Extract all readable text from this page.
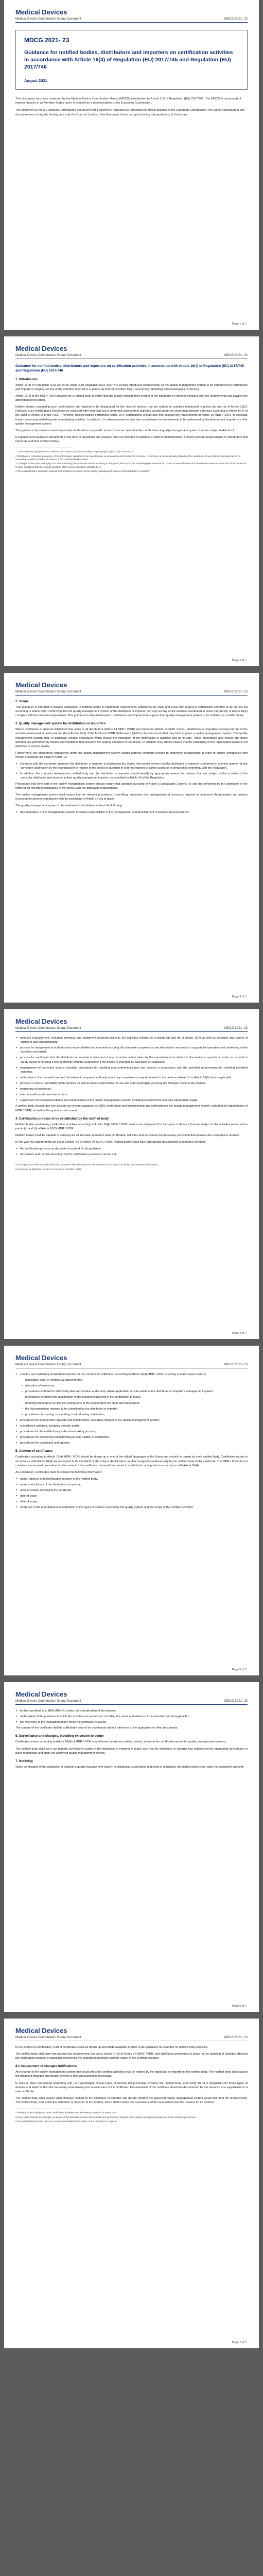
Medical Devices
Medical Device Coordination Group Document	MDCG 2021- 23
MDCG 2021- 23
Guidance for notified bodies, distributors and importers on certification activities in accordance with Article 16(4) of Regulation (EU) 2017/745 and Regulation (EU) 2017/746
August 2021

This document has been endorsed by the Medical Device Coordination Group (MDCG) established by Article 103 of Regulation (EU) 2017/745. The MDCG is composed of representatives of all Member States and it is chaired by a representative of the European Commission.

The document is not a European Commission document and it cannot be regarded as reflecting the official position of the European Commission. Any views expressed in this document are not legally binding and only the Court of Justice of the European Union can give binding interpretations of Union law.

Page 1 of 7
Medical Devices
Medical Device Coordination Group Document	MDCG 2021- 23
Guidance for notified bodies, distributors and importers on certification activities in accordance with Article 16(4) of Regulation (EU) 2017/745 and Regulation (EU) 2017/746
1. Introduction

Article 16(3) of Regulation (EU) 2017/745 (MDR) and Regulation (EU) 2017/746 (IVDR) introduces requirements on the quality management system to be established by distributors and importers carrying out any of the activities referred to in points (a) and (b) of Article 16(2), concerning relabelling and repackaging of devices.

Article 16(4) of the MDR / IVDR provides for a notified body to certify that the quality management system of the distributor or importer complies with the requirements laid down in the abovementioned article.

Notified bodies conducting such certifications are required to be designated for the class of devices that are subject to activities mentioned in points (a) and (b) of Article 16(2). However, such certifications should not be confused with those laid out in conformity assessment activities carried out for an entire manufacturer's devices according to Annex IX/XI of the MDR or Annex IX of the IVDR. Therefore, notified bodies performing Article 16(4) certifications should take into account the requirements of Article 16 MDR / IVDR, in particular those concerning relabelling and repackaging activities. In addition, it is also important to give due consideration to the elements to be addressed by distributors and importers in their quality management system.

This guidance document is meant to provide clarifications on specific areas of concern related to the certification of quality management system that are subject to Article 16.

It explains MDR guidance documents in the form of 'questions and answers' that are intended to facilitate a uniform implementation of these relevant requirements by distributors and importers and their notified bodies.

1 'Other relevant legal provisions' referred to in Article 16(1) do not subject to paragraphs (3) and (4) of Article 16.

2 'Distributors', including translation, of the information supplied by the manufacturer in accordance with Section 23 of Annex I, referring to a device already placed on the market and of any further information which is necessary in order to market the device in the relevant Member State.

3 'Changes to the outer packaging of a device already placed on the market, including a change of pack size, if the repackaging is necessary in order to market the device in the relevant Member State and if it is carried out in such conditions that the original condition of the device cannot be affected by it.'

4 The notified body's conformity assessment activities are limited to the quality management system of the distributor or importer.

Page 2 of 7
Medical Devices
Medical Device Coordination Group Document	MDCG 2021- 23
2. Scope

This guidance is intended to provide assistance to notified bodies to implement requirements established by MDR and IVDR with regard to certification activities to be carried out according to Article 16(4) confirming that the quality management system of the distributor or importer carrying out any of the activities mentioned in points (a) and (b) of Article 16(2) complies with the relevant requirements. This guidance is also addressed to distributors and importers to support their quality management system to be certified by a notified body.

3. Quality management system for distributors or importers

Where distributors or general obligations that apply to all distributors (Article 14 MDR / IVDR) and importers (Article 13 MDR / IVDR), distributors or importers carrying out one of the activities mentioned in points (a) and (b) of Article 16(2) of the MDR and IVDR shall have a QMS in place to ensure that they have in place a quality management system. This quality management system shall, in particular, include procedures which ensure the translation of the information is accurate and up to date. These procedures also ensure that those activities are performed by means and conditions that preserve the original condition of the device. In addition, they should ensure that the packaging of the repackaged device is not defective or of poor quality.

Furthermore, the procedures established under the quality management system should address elements needed to implement relationships in order to ensure compliance with certain provisions laid down in Article 16:

● Connects with the economic operators the distributor or importer is purchasing the device from would ensure that the distributor or importer is informed in a timely manner of any correction undertaken by the manufacturer in relation to the device in question in order to respond to safety issues or to bring it into conformity with the Regulation.

● In addition, the contracts between the notified body and the distributor or importer should identify by appropriate means the devices that are subject to the activities of the particular distributor and importer in their quality management system, as specified in Article 16 of the Regulation.

Procedures that form part of the quality management system should ensure that activities pursuing to Article 16 paragraph 2 points (a) and (b) performed by the distributor or the importer do not affect compliance of the device with the applicable requirements.

The quality management system shall ensure that the relevant procedures, controlling, processes and management of resources required to implement the principles and actions necessary to achieve compliance with the provisions of Article 16 are in place.

The quality management system to be evaluated shall address at least the following:

● documentation of the management system, including responsibility of the management, and development of policies and procedures;

Page 3 of 7
Medical Devices
Medical Device Coordination Group Document	MDCG 2021- 23

● resource management, including premises and equipment (systems not only are activities referred to in points (a) and (b) of Article 16(2) as well as selection and control of suppliers and subcontractors;

● process for assignment of authority and responsibilities to personnel ensuring the adequate competence and information necessary to support the operation and monitoring of the activities concerned;

● process for verification that the distributor or importer is informed of any corrective action taken by the manufacturer in relation to the device in question in order to respond to safety issues or to bring it into conformity with the Regulation; if the device is changed, re-packaged or relabelled;

● management of corrective actions including procedures for handling non-conforming items and records in accordance with the specified requirements for handling identified incidents;

● notification to the manufacturer and the relevant competent authority about any complaints or reports related to the devices referred to in Article 16(2) when applicable;

● process to ensure traceability of the devices as well as labels, instructions for use and outer packaging ensuring the changes made to the devices;

● monitoring of processes;

● internal audits and corrective actions;

● supervision of the implementation and maintenance of the quality management system, including relevant tools and their appropriate usage.

A notified body should take into account all relevant guidance on QMS certification and implementing and administering the quality management system, including all requirements of MDR / IVDR, as well as this guidance document.

4. Certification process to be established by the notified body

Notified bodies performing certification activities according to Article 16(4) MDR / IVDR need to be designated for the types of devices that are subject to the activities performed in points (a) and (b) of Article 16(2) MDR / IVDR.

Notified bodies shall be capable of carrying out all the tasks related to such certification activities and must have the necessary personnel that possess the competence required.

In line with the requirements set out in Section 4.5 of Annex VII MDR / IVDR, notified bodies shall have appropriate documented procedures covering:

● the certification process as described in point 4 of this guidance;

● documents and records ensuring that the certification process is carried out;

5 It is important to note that the distributor or importer should consult the manufacturer of the device, including the necessary information.

6 Personnel as defined in Section 3.2 of Annex VII MDR / IVDR.

Page 4 of 7
Medical Devices
Medical Device Coordination Group Document	MDCG 2021- 23

● scrutiny and sufficiently detailed procedures for the conduct of certification according to Article 16(4) MDR / IVDR, covering at least issues such as:

– application and / or contractual agreement(s);

– allocation of resources;

– procedures sufficient to effectively plan and conduct audits and, where applicable, on-site audits of the distributor or importer's management system;

– procedures to ensure the qualification of the personnel involved in the certification process;

– reporting procedures so that the conclusions of the assessment are clear and transparent;

– the documentation required to be submitted by the distributor or importer;

– procedures for issuing, suspending or withdrawing certificates;

● procedures for dealing with requests and modifications, including changes in the quality management system;

● surveillance activities, including periodic audits;

● procedures for the notified body's decision-making process;

● procedures for monitoring and following periodic validity of certificates;

● procedures for complaints and appeals.

5. Content of certificates

Certificates according to Article 16(4) MDR / IVDR should be drawn up in one of the official languages of the Union and should be issued by each notified body. Certificates issued in accordance with Article 16(4) are not meant to be identified by the unique identification number assigned simultaneously by the notified body to the certificate. The MDR / IVDR do not contain a harmonised procedure for the content of the certificate that would be issued to a distributor or importer in accordance with Article 16(4).

As a minimum, certificates need to contain the following information:

● name, address and identification number of the notified body;

● name and address of the distributor or importer;

● unique number identifying the certificate;

● date of issue;

● date of expiry;

● reference to the unambiguous identification of the types of devices covered by the quality system and the scope of the certified activities.

Page 5 of 7
Medical Devices
Medical Device Coordination Group Document	MDCG 2021- 23

● further specified, e.g. MDN (EMDN) codes, the classification of the devices;

● address(es) of the premises in which the activities are performed, including the name and address of the manufacturer (if applicable);

● the reference to the Regulation under which the certificate is issued.

The content of the certificate shall be sufficiently clear to be understood without reference to the application or other documents.

6. Surveillance and changes, including extension to scope

Certificates issued according to Article 16(4) of MDR / IVDR should have a maximum validity period, similar to the certificates issued for quality management systems.

The notified body shall carry out periodic surveillance audits of the distributor or importer to make sure that the distributor or importer has established the appropriate procedures in place to maintain and apply the approved quality management system.

7. Notifying

When certification of the distributor or importer's quality management system is withdrawn, suspended, restricted or reinstated, the notified body shall notify the competent authority.

Page 6 of 7
Medical Devices
Medical Device Coordination Group Document	MDCG 2021- 23

In the context of certification, a list of certificates could be drawn up and made available in order to be consulted, for example on notified body websites.

The notified body shall take into account the requirements set out in Section 4.10 of Annex VII MDR / IVDR, and shall have procedures in place for the handling of changes affecting the certification process, in particular concerning the changes in premises and the scope of the certified activities.

8.1 Assessment of changes notifications

Any change of the quality management system that could affect the certified activities shall be notified by the distributor or importer to the notified body. The notified body shall assess the proposed changes and decide whether a new assessment is necessary.

In case of plans concerning relabelling and / or repackaging of new types of devices not previously covered, the notified body shall verify that it is designated for those types of devices and shall conduct the necessary assessment prior to extension of the certificate. The extension of the certificate should be documented by the issuance of a supplement or a new certificate.

The notified body shall assess such changes notified by the distributor or importer and decide whether the approved quality management system would still meet the requirements. The notified body shall notify the distributor or importer of its decision, which shall contain the conclusions of the assessment and the reasons for its decision.

7 Similarly to what applies to other certification activities (see the relevant sections of Annex VII).

8 Such cases include, for example, a change of the premises in which the activities are performed, changes to the quality management system or to the activities performed.

9 The notified body should take into account all available information on the distributor or importer.

Page 7 of 7
